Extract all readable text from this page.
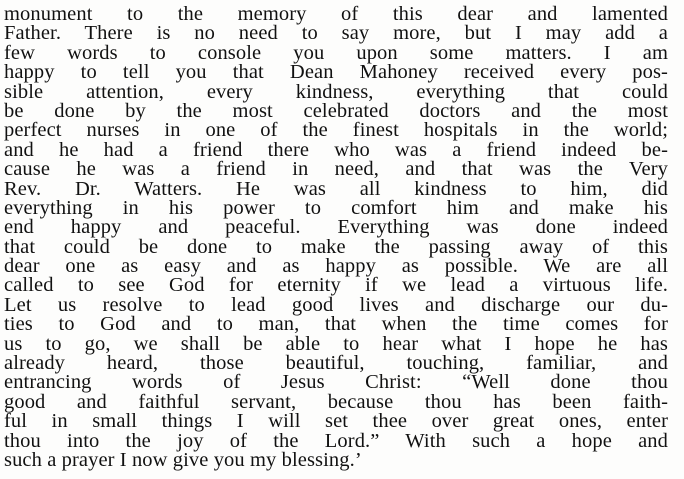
monument to the memory of this dear and lamented
Father. There is no need to say more, but I may add a
few words to console you upon some matters. I am
happy to tell you that Dean Mahoney received every pos-
sible attention, every kindness, everything that could
be done by the most celebrated doctors and the most
perfect nurses in one of the finest hospitals in the world;
and he had a friend there who was a friend indeed be-
cause he was a friend in need, and that was the Very
Rev. Dr. Watters. He was all kindness to him, did
everything in his power to comfort him and make his
end happy and peaceful. Everything was done indeed
that could be done to make the passing away of this
dear one as easy and as happy as possible. We are all
called to see God for eternity if we lead a virtuous life.
Let us resolve to lead good lives and discharge our du-
ties to God and to man, that when the time comes for
us to go, we shall be able to hear what I hope he has
already heard, those beautiful, touching, familiar, and
entrancing words of Jesus Christ: “Well done thou
good and faithful servant, because thou has been faith-
ful in small things I will set thee over great ones, enter
thou into the joy of the Lord.” With such a hope and
such a prayer I now give you my blessing.’
